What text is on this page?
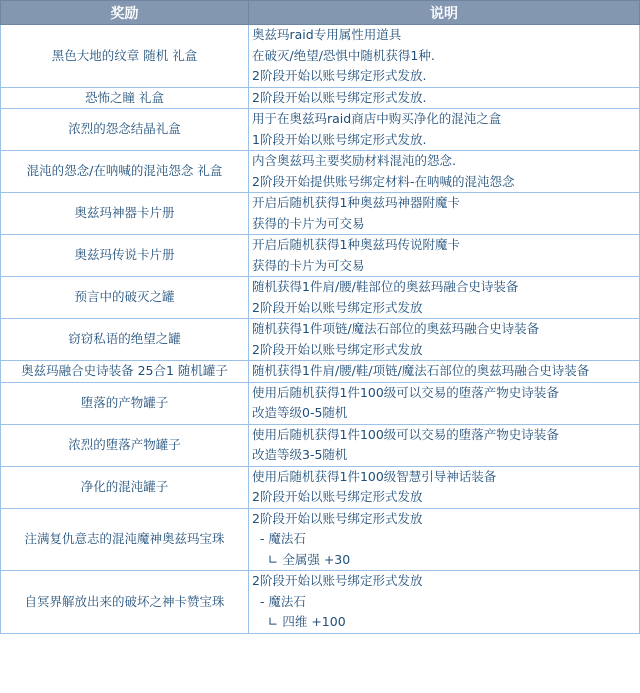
奖励	说明
黑色大地的纹章 随机 礼盒	奥兹玛raid专用属性用道具
在破灭/绝望/恐惧中随机获得1种.
2阶段开始以账号绑定形式发放.

恐怖之瞳 礼盒	2阶段开始以账号绑定形式发放.

浓烈的怨念结晶礼盒	用于在奥兹玛raid商店中购买净化的混沌之盒
1阶段开始以账号绑定形式发放.

混沌的怨念/在呐喊的混沌怨念 礼盒	内含奥兹玛主要奖励材料混沌的怨念.
2阶段开始提供账号绑定材料-在呐喊的混沌怨念

奥兹玛神器卡片册	开启后随机获得1种奥兹玛神器附魔卡
获得的卡片为可交易

奥兹玛传说卡片册	开启后随机获得1种奥兹玛传说附魔卡
获得的卡片为可交易

预言中的破灭之罐	随机获得1件肩/腰/鞋部位的奥兹玛融合史诗装备
2阶段开始以账号绑定形式发放

窃窃私语的绝望之罐	随机获得1件项链/魔法石部位的奥兹玛融合史诗装备
2阶段开始以账号绑定形式发放

奥兹玛融合史诗装备 25合1 随机罐子	随机获得1件肩/腰/鞋/项链/魔法石部位的奥兹玛融合史诗装备

堕落的产物罐子	使用后随机获得1件100级可以交易的堕落产物史诗装备
改造等级0-5随机

浓烈的堕落产物罐子	使用后随机获得1件100级可以交易的堕落产物史诗装备
改造等级3-5随机

净化的混沌罐子	使用后随机获得1件100级智慧引导神话装备
2阶段开始以账号绑定形式发放

注满复仇意志的混沌魔神奥兹玛宝珠	2阶段开始以账号绑定形式发放
- 魔法石
∟ 全属强 +30

自冥界解放出来的破坏之神卡赞宝珠	2阶段开始以账号绑定形式发放
- 魔法石
∟ 四维 +100
